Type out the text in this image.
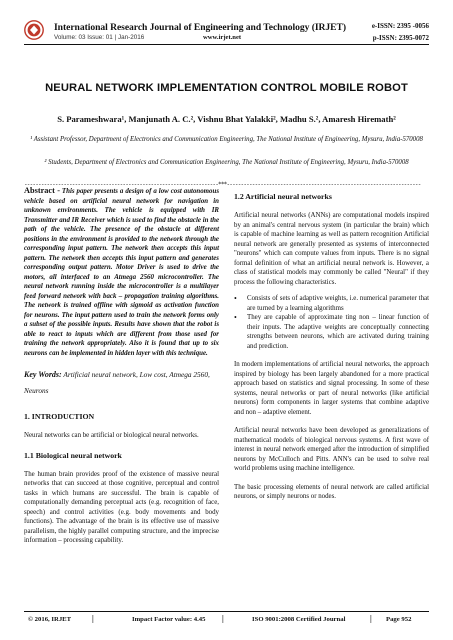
International Research Journal of Engineering and Technology (IRJET)
Volume: 03 Issue: 01 | Jan-2016	www.irjet.net
e-ISSN: 2395 -0056
p-ISSN: 2395-0072
NEURAL NETWORK IMPLEMENTATION CONTROL MOBILE ROBOT
S. Parameshwara¹, Manjunath A. C.², Vishnu Bhat Yalakki², Madhu S.², Amaresh Hiremath²
¹ Assistant Professor, Department of Electronics and Communication Engineering, The National Institute of Engineering, Mysuru, India-570008
² Students, Department of Electronics and Communication Engineering, The National Institute of Engineering, Mysuru, India-570008
---------------------------------------------------------------------***---------------------------------------------------------------------

Abstract - This paper presents a design of a low cost autonomous vehicle based on artificial neural network for navigation in unknown environments. The vehicle is equipped with IR Transmitter and IR Receiver which is used to find the obstacle in the path of the vehicle. The presence of the obstacle at different positions in the environment is provided to the network through the corresponding input pattern. The network then accepts this input pattern. The network then accepts this input pattern and generates corresponding output pattern. Motor Driver is used to drive the motors, all interfaced to an Atmega 2560 microcontroller. The neural network running inside the microcontroller is a multilayer feed forward network with back – propagation training algorithms. The network is trained offline with sigmoid as activation function for neurons. The input pattern used to train the network forms only a subset of the possible inputs. Results have shown that the robot is able to react to inputs which are different from those used for training the network appropriately. Also it is found that up to six neurons can be implemented in hidden layer with this technique.

Key Words: Artificial neural network, Low cost, Atmega 2560, Neurons

1. INTRODUCTION

Neural networks can be artificial or biological neural networks.

1.1 Biological neural network

The human brain provides proof of the existence of massive neural networks that can succeed at those cognitive, perceptual and control tasks in which humans are successful. The brain is capable of computationally demanding perceptual acts (e.g. recognition of face, speech) and control activities (e.g. body movements and body functions). The advantage of the brain is its effective use of massive parallelism, the highly parallel computing structure, and the imprecise information – processing capability.

1.2 Artificial neural networks

Artificial neural networks (ANNs) are computational models inspired by an animal's central nervous system (in particular the brain) which is capable of machine learning as well as pattern recognition Artificial neural network are generally presented as systems of interconnected "neurons" which can compute values from inputs. There is no signal formal definition of what an artificial neural network is. However, a class of statistical models may commonly be called "Neural" if they process the following characteristics.

• Consists of sets of adaptive weights, i.e. numerical parameter that are turned by a learning algorithms
• They are capable of approximate ting non – linear function of their inputs. The adaptive weights are conceptually connecting strengths between neurons, which are activated during training and prediction.

In modern implementations of artificial neural networks, the approach inspired by biology has been largely abandoned for a more practical approach based on statistics and signal processing. In some of these systems, neural networks or part of neural networks (like artificial neurons) form components in larger systems that combine adaptive and non – adaptive element.

Artificial neural networks have been developed as generalizations of mathematical models of biological nervous systems. A first wave of interest in neural network emerged after the introduction of simplified neurons by McCulloch and Pitts. ANN's can be used to solve real world problems using machine intelligence.

The basic processing elements of neural network are called artificial neurons, or simply neurons or nodes.

© 2016, IRJET	|	Impact Factor value: 4.45 |	ISO 9001:2008 Certified Journal	| Page 952
